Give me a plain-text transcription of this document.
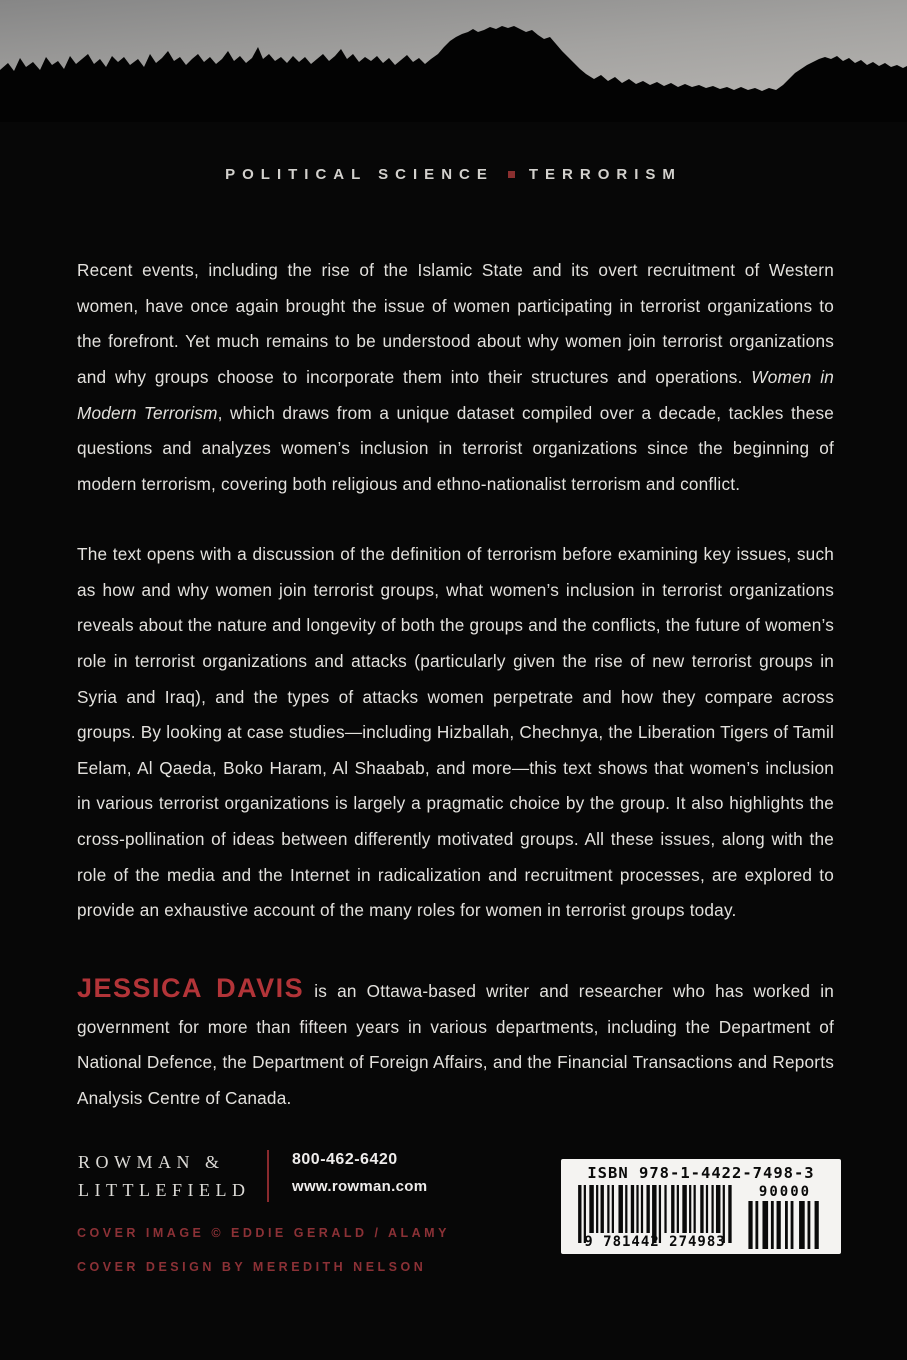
POLITICAL SCIENCE TERRORISM

Recent events, including the rise of the Islamic State and its overt recruitment of Western women, have once again brought the issue of women participating in terrorist organizations to the forefront. Yet much remains to be understood about why women join terrorist organizations and why groups choose to incorporate them into their structures and operations. Women in Modern Terrorism, which draws from a unique dataset compiled over a decade, tackles these questions and analyzes women’s inclusion in terrorist organizations since the beginning of modern terrorism, covering both religious and ethno-nationalist terrorism and conflict.

The text opens with a discussion of the definition of terrorism before examining key issues, such as how and why women join terrorist groups, what women’s inclusion in terrorist organizations reveals about the nature and longevity of both the groups and the conflicts, the future of women’s role in terrorist organizations and attacks (particularly given the rise of new terrorist groups in Syria and Iraq), and the types of attacks women perpetrate and how they compare across groups. By looking at case studies—including Hizballah, Chechnya, the Liberation Tigers of Tamil Eelam, Al Qaeda, Boko Haram, Al Shaabab, and more—this text shows that women’s inclusion in various terrorist organizations is largely a pragmatic choice by the group. It also highlights the cross-pollination of ideas between differently motivated groups. All these issues, along with the role of the media and the Internet in radicalization and recruitment processes, are explored to provide an exhaustive account of the many roles for women in terrorist groups today.

JESSICA DAVIS is an Ottawa-based writer and researcher who has worked in government for more than fifteen years in various departments, including the Department of National Defence, the Department of Foreign Affairs, and the Financial Transactions and Reports Analysis Centre of Canada.

ROWMAN &
LITTLEFIELD
800-462-6420
www.rowman.com
COVER IMAGE © EDDIE GERALD / ALAMY
COVER DESIGN BY MEREDITH NELSON
ISBN 978-1-4422-7498-3
9 781442 274983
90000
